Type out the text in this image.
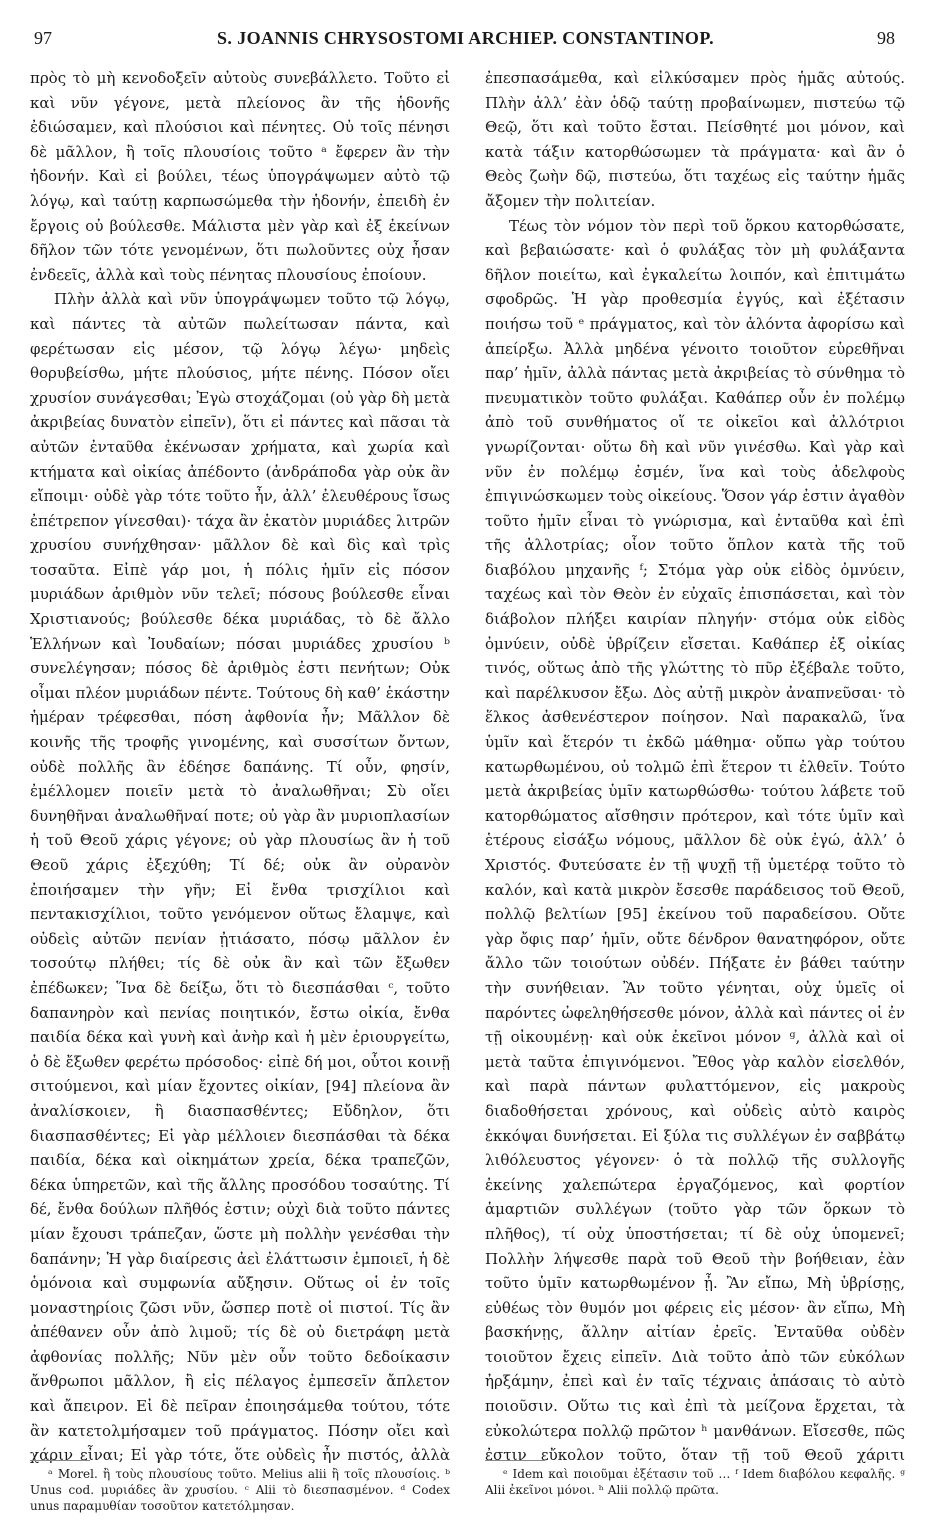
97	S. JOANNIS CHRYSOSTOMI ARCHIEP. CONSTANTINOP.	98

πρὸς τὸ μὴ κενοδοξεῖν αὐτοὺς συνεβάλλετο. Τοῦτο εἰ καὶ νῦν γέγονε, μετὰ πλείονος ἂν τῆς ἡδονῆς ἐδιώσαμεν, καὶ πλούσιοι καὶ πένητες. Οὐ τοῖς πένησι δὲ μᾶλλον, ἢ τοῖς πλουσίοις τοῦτο ᵃ ἔφερεν ἂν τὴν ἡδονήν. Καὶ εἰ βούλει, τέως ὑπογράψωμεν αὐτὸ τῷ λόγῳ, καὶ ταύτῃ καρπωσώμεθα τὴν ἡδονήν, ἐπειδὴ ἐν ἔργοις οὐ βούλεσθε. Μάλιστα μὲν γὰρ καὶ ἐξ ἐκείνων δῆλον τῶν τότε γενομένων, ὅτι πωλοῦντες οὐχ ἦσαν ἐνδεεῖς, ἀλλὰ καὶ τοὺς πένητας πλουσίους ἐποίουν.

Πλὴν ἀλλὰ καὶ νῦν ὑπογράψωμεν τοῦτο τῷ λόγῳ, καὶ πάντες τὰ αὐτῶν πωλείτωσαν πάντα, καὶ φερέτωσαν εἰς μέσον, τῷ λόγῳ λέγω· μηδεὶς θορυβείσθω, μήτε πλούσιος, μήτε πένης. Πόσον οἴει χρυσίον συνάγεσθαι; Ἐγὼ στοχάζομαι (οὐ γὰρ δὴ μετὰ ἀκριβείας δυνατὸν εἰπεῖν), ὅτι εἰ πάντες καὶ πᾶσαι τὰ αὐτῶν ἐνταῦθα ἐκένωσαν χρήματα, καὶ χωρία καὶ κτήματα καὶ οἰκίας ἀπέδοντο (ἀνδράποδα γὰρ οὐκ ἂν εἴποιμι· οὐδὲ γὰρ τότε τοῦτο ἦν, ἀλλ’ ἐλευθέρους ἴσως ἐπέτρεπον γίνεσθαι)· τάχα ἂν ἑκατὸν μυριάδες λιτρῶν χρυσίου συνήχθησαν· μᾶλλον δὲ καὶ δὶς καὶ τρὶς τοσαῦτα. Εἰπὲ γάρ μοι, ἡ πόλις ἡμῖν εἰς πόσον μυριάδων ἀριθμὸν νῦν τελεῖ; πόσους βούλεσθε εἶναι Χριστιανούς; βούλεσθε δέκα μυριάδας, τὸ δὲ ἄλλο Ἑλλήνων καὶ Ἰουδαίων; πόσαι μυριάδες χρυσίου ᵇ συνελέγησαν; πόσος δὲ ἀριθμὸς ἐστι πενήτων; Οὐκ οἶμαι πλέον μυριάδων πέντε. Τούτους δὴ καθ’ ἑκάστην ἡμέραν τρέφεσθαι, πόση ἀφθονία ἦν; Μᾶλλον δὲ κοινῆς τῆς τροφῆς γινομένης, καὶ συσσίτων ὄντων, οὐδὲ πολλῆς ἂν ἐδέησε δαπάνης. Τί οὖν, φησίν, ἐμέλλομεν ποιεῖν μετὰ τὸ ἀναλωθῆναι; Σὺ οἴει δυνηθῆναι ἀναλωθῆναί ποτε; οὐ γὰρ ἂν μυριοπλασίων ἡ τοῦ Θεοῦ χάρις γέγονε; οὐ γὰρ πλουσίως ἂν ἡ τοῦ Θεοῦ χάρις ἐξεχύθη; Τί δέ; οὐκ ἂν οὐρανὸν ἐποιήσαμεν τὴν γῆν; Εἰ ἔνθα τρισχίλιοι καὶ πεντακισχίλιοι, τοῦτο γενόμενον οὕτως ἔλαμψε, καὶ οὐδεὶς αὐτῶν πενίαν ᾐτιάσατο, πόσῳ μᾶλλον ἐν τοσούτῳ πλήθει; τίς δὲ οὐκ ἂν καὶ τῶν ἔξωθεν ἐπέδωκεν; Ἵνα δὲ δείξω, ὅτι τὸ διεσπάσθαι ᶜ, τοῦτο δαπανηρὸν καὶ πενίας ποιητικόν, ἔστω οἰκία, ἔνθα παιδία δέκα καὶ γυνὴ καὶ ἀνὴρ καὶ ἡ μὲν ἐριουργείτω, ὁ δὲ ἔξωθεν φερέτω πρόσοδος· εἰπὲ δή μοι, οὗτοι κοινῇ σιτούμενοι, καὶ μίαν ἔχοντες οἰκίαν, [94] πλείονα ἂν ἀναλίσκοιεν, ἢ διασπασθέντες; Εὔδηλον, ὅτι διασπασθέντες; Εἰ γὰρ μέλλοιεν διεσπάσθαι τὰ δέκα παιδία, δέκα καὶ οἰκημάτων χρεία, δέκα τραπεζῶν, δέκα ὑπηρετῶν, καὶ τῆς ἄλλης προσόδου τοσαύτης. Τί δέ, ἔνθα δούλων πλῆθός ἐστιν; οὐχὶ διὰ τοῦτο πάντες μίαν ἔχουσι τράπεζαν, ὥστε μὴ πολλὴν γενέσθαι τὴν δαπάνην; Ἡ γὰρ διαίρεσις ἀεὶ ἐλάττωσιν ἐμποιεῖ, ἡ δὲ ὁμόνοια καὶ συμφωνία αὔξησιν. Οὕτως οἱ ἐν τοῖς μοναστηρίοις ζῶσι νῦν, ὥσπερ ποτὲ οἱ πιστοί. Τίς ἂν ἀπέθανεν οὖν ἀπὸ λιμοῦ; τίς δὲ οὐ διετράφη μετὰ ἀφθονίας πολλῆς; Νῦν μὲν οὖν τοῦτο δεδοίκασιν ἄνθρωποι μᾶλλον, ἢ εἰς πέλαγος ἐμπεσεῖν ἄπλετον καὶ ἄπειρον. Εἰ δὲ πεῖραν ἐποιησάμεθα τούτου, τότε ἂν κατετολμήσαμεν τοῦ πράγματος. Πόσην οἴει καὶ χάριν εἶναι; Εἰ γὰρ τότε, ὅτε οὐδεὶς ἦν πιστός, ἀλλὰ

ἐπεσπασάμεθα, καὶ εἰλκύσαμεν πρὸς ἡμᾶς αὐτούς. Πλὴν ἀλλ’ ἐὰν ὁδῷ ταύτῃ προβαίνωμεν, πιστεύω τῷ Θεῷ, ὅτι καὶ τοῦτο ἔσται. Πείσθητέ μοι μόνον, καὶ κατὰ τάξιν κατορθώσωμεν τὰ πράγματα· καὶ ἂν ὁ Θεὸς ζωὴν δῷ, πιστεύω, ὅτι ταχέως εἰς ταύτην ἡμᾶς ἄξομεν τὴν πολιτείαν.

Τέως τὸν νόμον τὸν περὶ τοῦ ὅρκου κατορθώσατε, καὶ βεβαιώσατε· καὶ ὁ φυλάξας τὸν μὴ φυλάξαντα δῆλον ποιείτω, καὶ ἐγκαλείτω λοιπόν, καὶ ἐπιτιμάτω σφοδρῶς. Ἡ γὰρ προθεσμία ἐγγύς, καὶ ἐξέτασιν ποιήσω τοῦ ᵉ πράγματος, καὶ τὸν ἁλόντα ἀφορίσω καὶ ἀπείρξω. Ἀλλὰ μηδένα γένοιτο τοιοῦτον εὑρεθῆναι παρ’ ἡμῖν, ἀλλὰ πάντας μετὰ ἀκριβείας τὸ σύνθημα τὸ πνευματικὸν τοῦτο φυλάξαι. Καθάπερ οὖν ἐν πολέμῳ ἀπὸ τοῦ συνθήματος οἵ τε οἰκεῖοι καὶ ἀλλότριοι γνωρίζονται· οὕτω δὴ καὶ νῦν γινέσθω. Καὶ γὰρ καὶ νῦν ἐν πολέμῳ ἐσμέν, ἵνα καὶ τοὺς ἀδελφοὺς ἐπιγινώσκωμεν τοὺς οἰκείους. Ὅσον γάρ ἐστιν ἀγαθὸν τοῦτο ἡμῖν εἶναι τὸ γνώρισμα, καὶ ἐνταῦθα καὶ ἐπὶ τῆς ἀλλοτρίας; οἷον τοῦτο ὅπλον κατὰ τῆς τοῦ διαβόλου μηχανῆς ᶠ; Στόμα γὰρ οὐκ εἰδὸς ὀμνύειν, ταχέως καὶ τὸν Θεὸν ἐν εὐχαῖς ἐπισπάσεται, καὶ τὸν διάβολον πλήξει καιρίαν πληγήν· στόμα οὐκ εἰδὸς ὀμνύειν, οὐδὲ ὑβρίζειν εἴσεται. Καθάπερ ἐξ οἰκίας τινός, οὕτως ἀπὸ τῆς γλώττης τὸ πῦρ ἐξέβαλε τοῦτο, καὶ παρέλκυσον ἔξω. Δὸς αὐτῇ μικρὸν ἀναπνεῦσαι· τὸ ἕλκος ἀσθενέστερον ποίησον. Ναὶ παρακαλῶ, ἵνα ὑμῖν καὶ ἕτερόν τι ἐκδῶ μάθημα· οὔπω γὰρ τούτου κατωρθωμένου, οὐ τολμῶ ἐπὶ ἕτερον τι ἐλθεῖν. Τούτο μετὰ ἀκριβείας ὑμῖν κατωρθώσθω· τούτου λάβετε τοῦ κατορθώματος αἴσθησιν πρότερον, καὶ τότε ὑμῖν καὶ ἑτέρους εἰσάξω νόμους, μᾶλλον δὲ οὐκ ἐγώ, ἀλλ’ ὁ Χριστός. Φυτεύσατε ἐν τῇ ψυχῇ τῇ ὑμετέρᾳ τοῦτο τὸ καλόν, καὶ κατὰ μικρὸν ἔσεσθε παράδεισος τοῦ Θεοῦ, πολλῷ βελτίων [95] ἐκείνου τοῦ παραδείσου. Οὔτε γὰρ ὄφις παρ’ ἡμῖν, οὔτε δένδρον θανατηφόρον, οὔτε ἄλλο τῶν τοιούτων οὐδέν. Πήξατε ἐν βάθει ταύτην τὴν συνήθειαν. Ἂν τοῦτο γένηται, οὐχ ὑμεῖς οἱ παρόντες ὠφεληθήσεσθε μόνον, ἀλλὰ καὶ πάντες οἱ ἐν τῇ οἰκουμένῃ· καὶ οὐκ ἐκεῖνοι μόνον ᵍ, ἀλλὰ καὶ οἱ μετὰ ταῦτα ἐπιγινόμενοι. Ἔθος γὰρ καλὸν εἰσελθόν, καὶ παρὰ πάντων φυλαττόμενον, εἰς μακροὺς διαδοθήσεται χρόνους, καὶ οὐδεὶς αὐτὸ καιρὸς ἐκκόψαι δυνήσεται. Εἰ ξύλα τις συλλέγων ἐν σαββάτῳ λιθόλευστος γέγονεν· ὁ τὰ πολλῷ τῆς συλλογῆς ἐκείνης χαλεπώτερα ἐργαζόμενος, καὶ φορτίον ἁμαρτιῶν συλλέγων (τοῦτο γὰρ τῶν ὅρκων τὸ πλῆθος), τί οὐχ ὑποστήσεται; τί δὲ οὐχ ὑπομενεῖ; Πολλὴν λήψεσθε παρὰ τοῦ Θεοῦ τὴν βοήθειαν, ἐὰν τοῦτο ὑμῖν κατωρθωμένον ᾖ. Ἂν εἴπω, Μὴ ὑβρίσῃς, εὐθέως τὸν θυμόν μοι φέρεις εἰς μέσον· ἂν εἴπω, Μὴ βασκήνῃς, ἄλλην αἰτίαν ἐρεῖς. Ἐνταῦθα οὐδὲν τοιοῦτον ἔχεις εἰπεῖν. Διὰ τοῦτο ἀπὸ τῶν εὐκόλων ἠρξάμην, ἐπεὶ καὶ ἐν ταῖς τέχναις ἁπάσαις τὸ αὐτὸ ποιοῦσιν. Οὕτω τις καὶ ἐπὶ τὰ μείζονα ἔρχεται, τὰ εὐκολώτερα πολλῷ πρῶτον ʰ μανθάνων. Εἴσεσθε, πῶς ἐστιν εὔκολον τοῦτο, ὅταν τῇ τοῦ Θεοῦ χάριτι

ᵃ Morel. ἢ τοὺς πλουσίους τοῦτο. Melius alii ἢ τοῖς πλουσίοις. ᵇ Unus cod. μυριάδες ἂν χρυσίου. ᶜ Alii τὸ διεσπασμένον. ᵈ Codex unus παραμυθίαν τοσοῦτον κατετόλμησαν.

ᵉ Idem καὶ ποιοῦμαι ἐξέτασιν τοῦ … ᶠ Idem διαβόλου κεφαλῆς. ᵍ Alii ἐκεῖνοι μόνοι. ʰ Alii πολλῷ πρῶτα.
